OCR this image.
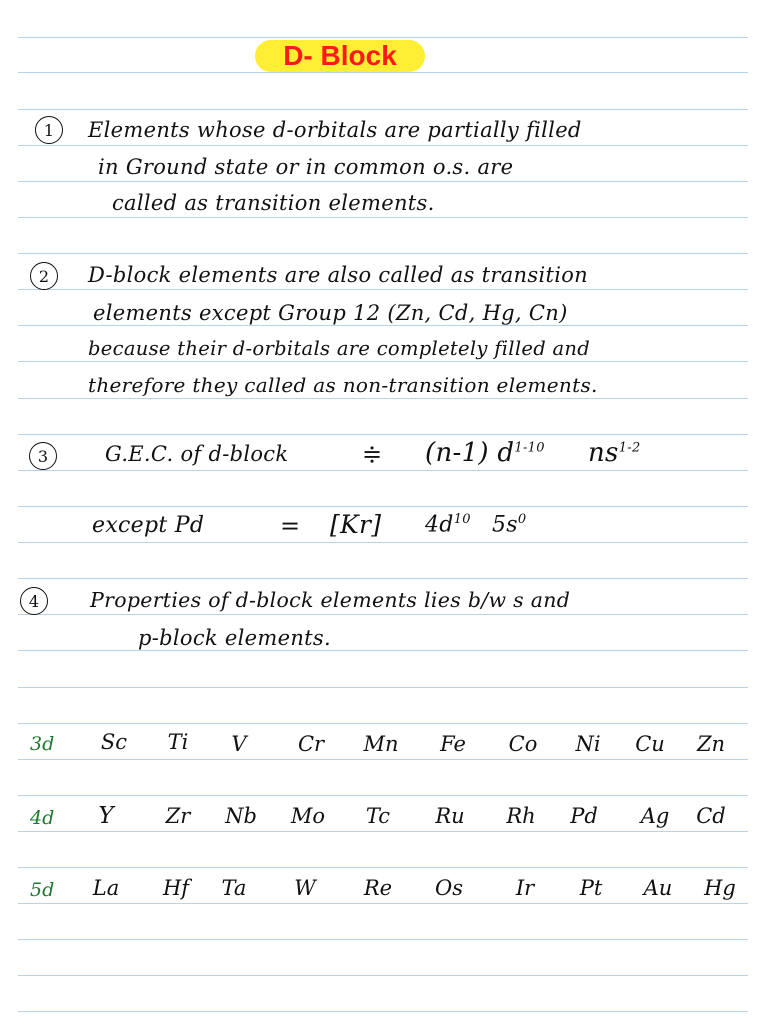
D- Block
1 Elements whose d-orbitals are partially filled
in Ground state or in common o.s. are
called as transition elements.
2 D-block elements are also called as transition
elements except Group 12 (Zn, Cd, Hg, Cn)
because their d-orbitals are completely filled and
therefore they called as non-transition elements.
3	G.E.C. of d-block	≑ (n-1) $d^{1-10}$ $ns^{1-2}$
except Pd	= [Kr] $4d^{10}$ $5s^0$
4 Properties of d-block elements lies b/w s and
p-block elements.
3d	Sc	Ti	V	Cr	Mn	Fe	Co	Ni	Cu	Zn
4d	Y	Zr	Nb	Mo	Tc	Ru	Rh	Pd	Ag	Cd
5d	La	Hf	Ta	W	Re	Os	Ir	Pt	Au	Hg
